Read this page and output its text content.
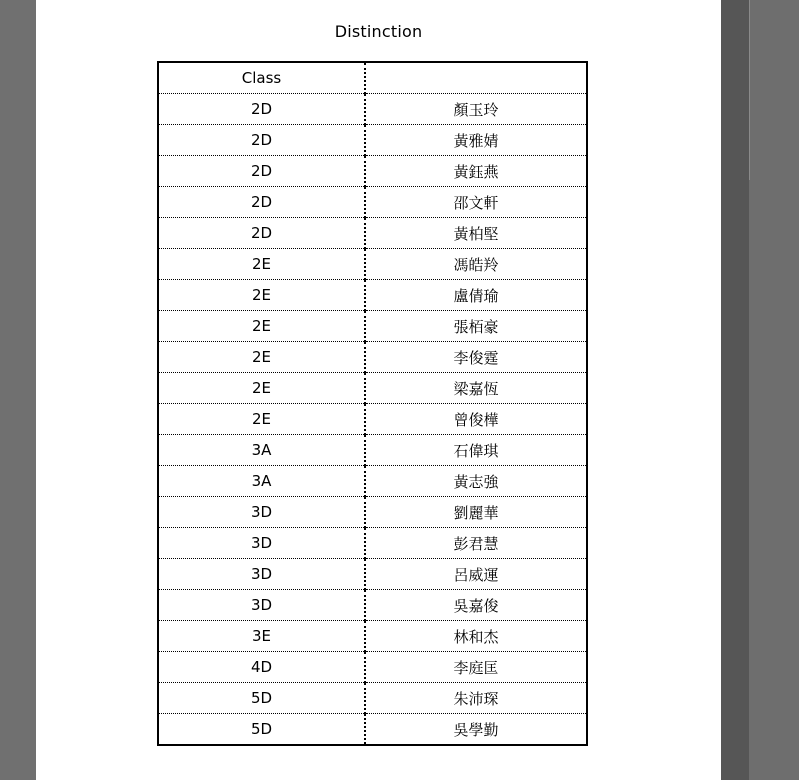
Distinction
Class	
2D	顏玉玲
2D	黃雅婧
2D	黃鈺燕
2D	邵文軒
2D	黃柏堅
2E	馮皓羚
2E	盧倩瑜
2E	張栢豪
2E	李俊霆
2E	梁嘉恆
2E	曾俊樺
3A	石偉琪
3A	黃志強
3D	劉麗華
3D	彭君慧
3D	呂威運
3D	吳嘉俊
3E	林和杰
4D	李庭匡
5D	朱沛琛
5D	吳學勤
